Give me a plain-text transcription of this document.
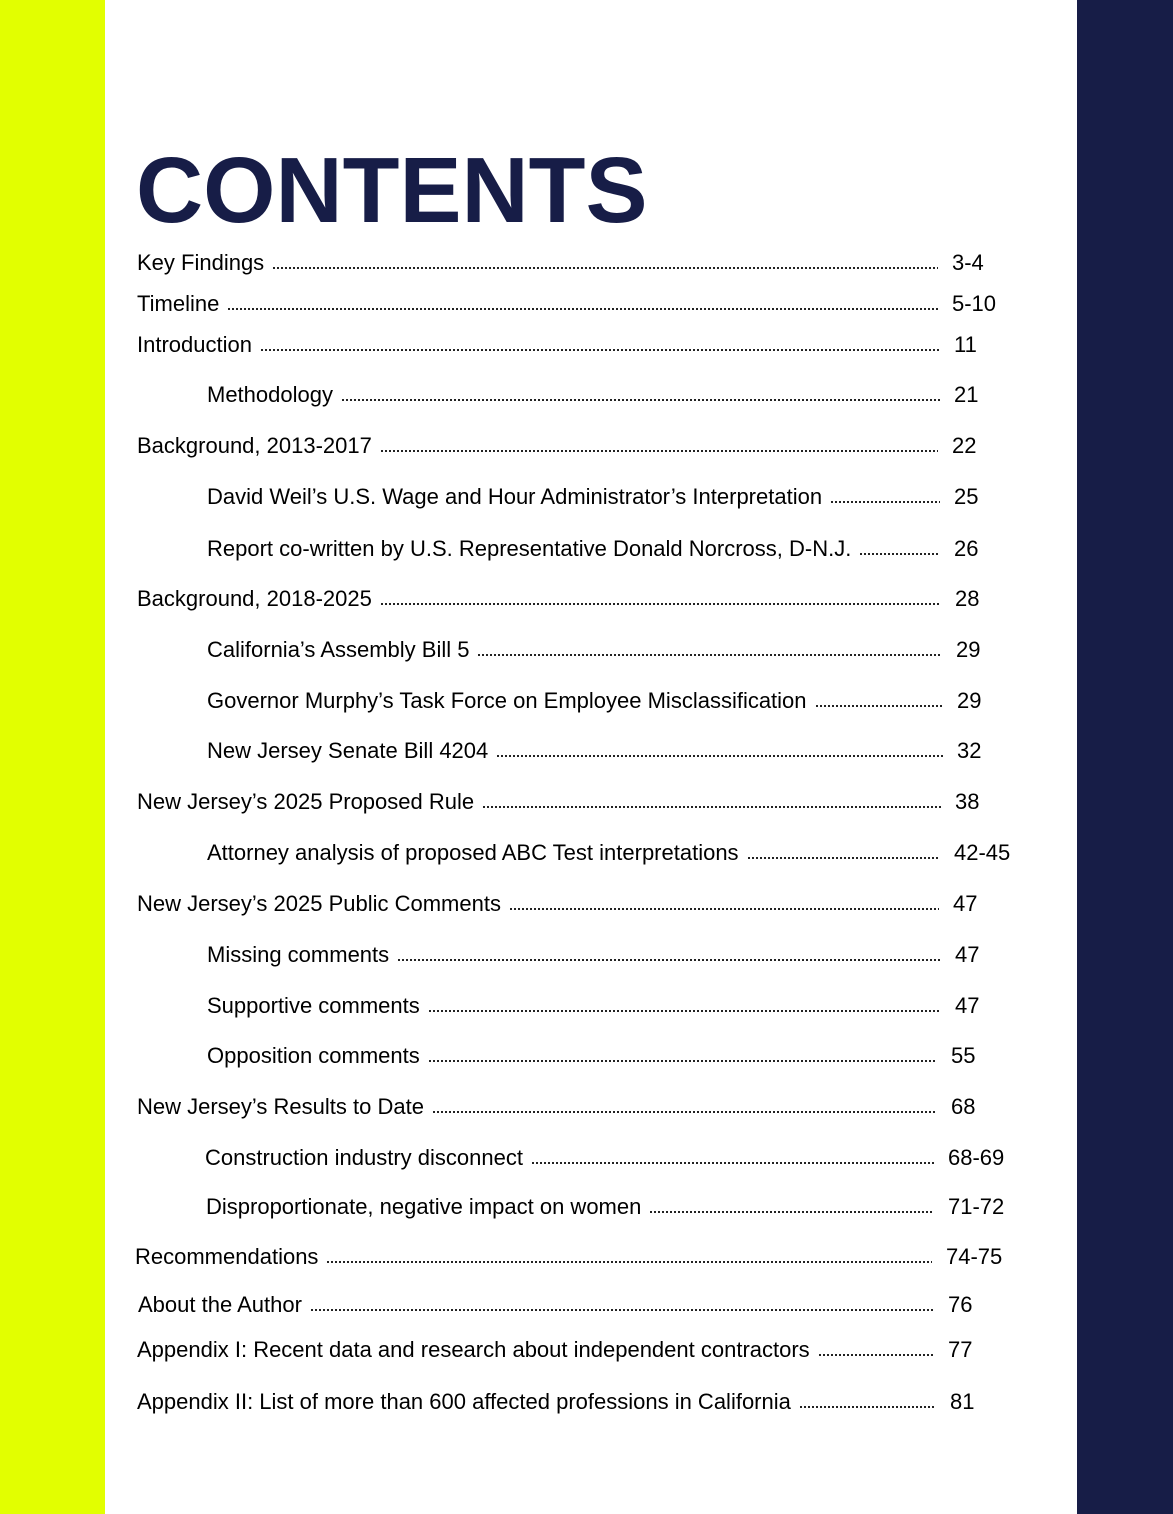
CONTENTS
Key Findings	3-4
Timeline	5-10
Introduction	11
Methodology	21
Background, 2013-2017	22
David Weil’s U.S. Wage and Hour Administrator’s Interpretation	25
Report co-written by U.S. Representative Donald Norcross, D-N.J.	26
Background, 2018-2025	28
California’s Assembly Bill 5	29
Governor Murphy’s Task Force on Employee Misclassification	29
New Jersey Senate Bill 4204	32
New Jersey’s 2025 Proposed Rule	38
Attorney analysis of proposed ABC Test interpretations	42-45
New Jersey’s 2025 Public Comments	47
Missing comments	47
Supportive comments	47
Opposition comments	55
New Jersey’s Results to Date	68
Construction industry disconnect	68-69
Disproportionate, negative impact on women	71-72
Recommendations	74-75
About the Author	76
Appendix I: Recent data and research about independent contractors	77
Appendix II: List of more than 600 affected professions in California	81
